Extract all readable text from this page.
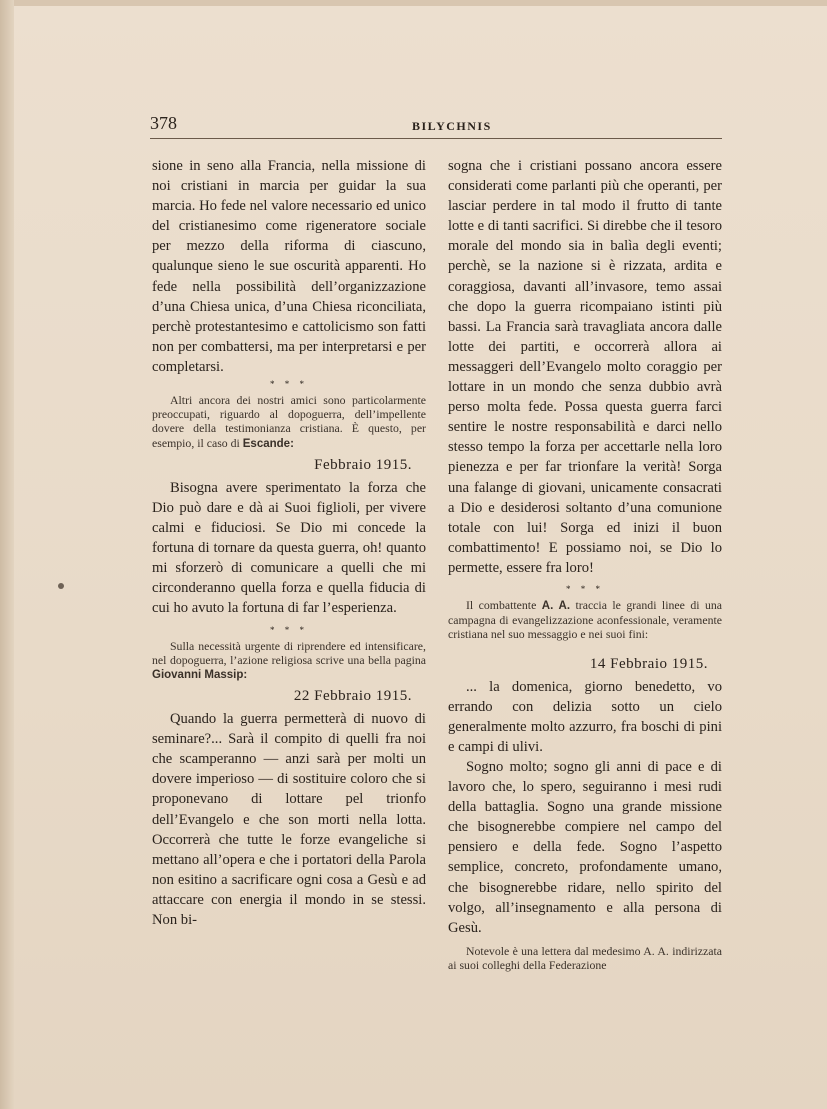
378	BILYCHNIS

sione in seno alla Francia, nella missione di noi cristiani in marcia per guidar la sua marcia. Ho fede nel valore necessario ed unico del cristianesimo come rigeneratore sociale per mezzo della riforma di ciascuno, qualunque sieno le sue oscurità apparenti. Ho fede nella possibilità dell’organizzazione d’una Chiesa unica, d’una Chiesa riconciliata, perchè protestantesimo e cattolicismo son fatti non per combattersi, ma per interpretarsi e per completarsi.

* * *

Altri ancora dei nostri amici sono particolarmente preoccupati, riguardo al dopoguerra, dell’impellente dovere della testimonianza cristiana. È questo, per esempio, il caso di Escande:

Febbraio 1915.

Bisogna avere sperimentato la forza che Dio può dare e dà ai Suoi figlioli, per vivere calmi e fiduciosi. Se Dio mi concede la fortuna di tornare da questa guerra, oh! quanto mi sforzerò di comunicare a quelli che mi circonderanno quella forza e quella fiducia di cui ho avuto la fortuna di far l’esperienza.

* * *

Sulla necessità urgente di riprendere ed intensificare, nel dopoguerra, l’azione religiosa scrive una bella pagina Giovanni Massip:

22 Febbraio 1915.

Quando la guerra permetterà di nuovo di seminare?... Sarà il compito di quelli fra noi che scamperanno — anzi sarà per molti un dovere imperioso — di sostituire coloro che si proponevano di lottare pel trionfo dell’Evangelo e che son morti nella lotta. Occorrerà che tutte le forze evangeliche si mettano all’opera e che i portatori della Parola non esitino a sacrificare ogni cosa a Gesù e ad attaccare con energia il mondo in se stessi. Non bi-

sogna che i cristiani possano ancora essere considerati come parlanti più che operanti, per lasciar perdere in tal modo il frutto di tante lotte e di tanti sacrifici. Si direbbe che il tesoro morale del mondo sia in balìa degli eventi; perchè, se la nazione si è rizzata, ardita e coraggiosa, davanti all’invasore, temo assai che dopo la guerra ricompaiano istinti più bassi. La Francia sarà travagliata ancora dalle lotte dei partiti, e occorrerà allora ai messaggeri dell’Evangelo molto coraggio per lottare in un mondo che senza dubbio avrà perso molta fede. Possa questa guerra farci sentire le nostre responsabilità e darci nello stesso tempo la forza per accettarle nella loro pienezza e per far trionfare la verità! Sorga una falange di giovani, unicamente consacrati a Dio e desiderosi soltanto d’una comunione totale con lui! Sorga ed inizi il buon combattimento! E possiamo noi, se Dio lo permette, essere fra loro!

* * *

Il combattente A. A. traccia le grandi linee di una campagna di evangelizzazione aconfessionale, veramente cristiana nel suo messaggio e nei suoi fini:

14 Febbraio 1915.

... la domenica, giorno benedetto, vo errando con delizia sotto un cielo generalmente molto azzurro, fra boschi di pini e campi di ulivi.

Sogno molto; sogno gli anni di pace e di lavoro che, lo spero, seguiranno i mesi rudi della battaglia. Sogno una grande missione che bisognerebbe compiere nel campo del pensiero e della fede. Sogno l’aspetto semplice, concreto, profondamente umano, che bisognerebbe ridare, nello spirito del volgo, all’insegnamento e alla persona di Gesù.

Notevole è una lettera dal medesimo A. A. indirizzata ai suoi colleghi della Federazione
